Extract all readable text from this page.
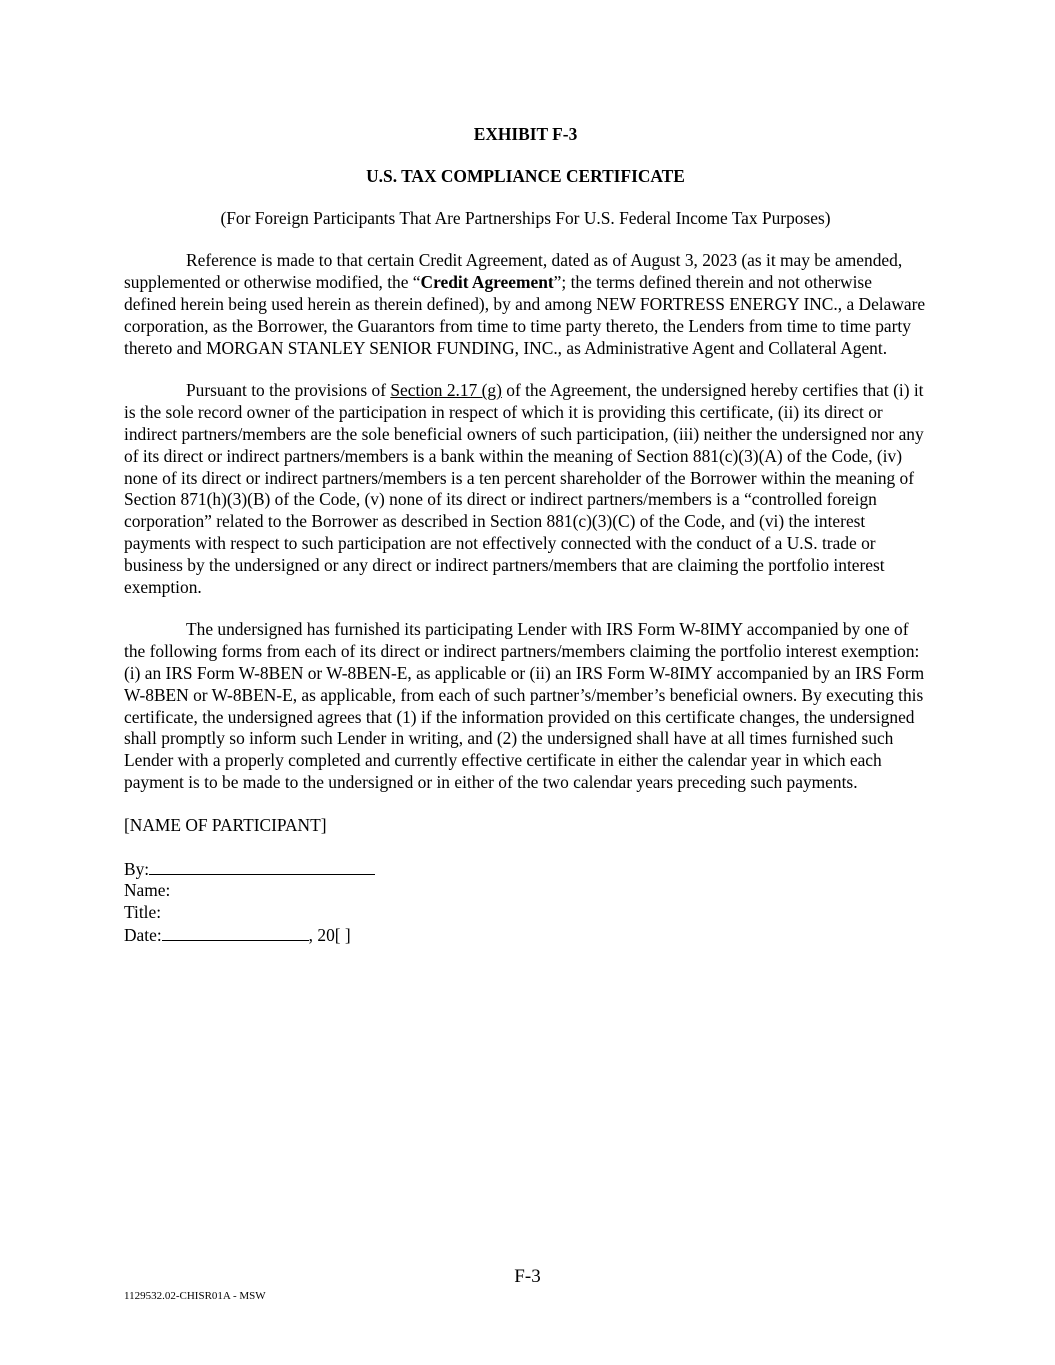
EXHIBIT F-3
U.S. TAX COMPLIANCE CERTIFICATE
(For Foreign Participants That Are Partnerships For U.S. Federal Income Tax Purposes)

Reference is made to that certain Credit Agreement, dated as of August 3, 2023 (as it may be amended, supplemented or otherwise modified, the “Credit Agreement”; the terms defined therein and not otherwise defined herein being used herein as therein defined), by and among NEW FORTRESS ENERGY INC., a Delaware corporation, as the Borrower, the Guarantors from time to time party thereto, the Lenders from time to time party thereto and MORGAN STANLEY SENIOR FUNDING, INC., as Administrative Agent and Collateral Agent.

Pursuant to the provisions of Section 2.17 (g) of the Agreement, the undersigned hereby certifies that (i) it is the sole record owner of the participation in respect of which it is providing this certificate, (ii) its direct or indirect partners/members are the sole beneficial owners of such participation, (iii) neither the undersigned nor any of its direct or indirect partners/members is a bank within the meaning of Section 881(c)(3)(A) of the Code, (iv) none of its direct or indirect partners/members is a ten percent shareholder of the Borrower within the meaning of Section 871(h)(3)(B) of the Code, (v) none of its direct or indirect partners/members is a “controlled foreign corporation” related to the Borrower as described in Section 881(c)(3)(C) of the Code, and (vi) the interest payments with respect to such participation are not effectively connected with the conduct of a U.S. trade or business by the undersigned or any direct or indirect partners/members that are claiming the portfolio interest exemption.

The undersigned has furnished its participating Lender with IRS Form W-8IMY accompanied by one of the following forms from each of its direct or indirect partners/members claiming the portfolio interest exemption: (i) an IRS Form W-8BEN or W-8BEN-E, as applicable or (ii) an IRS Form W-8IMY accompanied by an IRS Form W-8BEN or W-8BEN-E, as applicable, from each of such partner’s/member’s beneficial owners. By executing this certificate, the undersigned agrees that (1) if the information provided on this certificate changes, the undersigned shall promptly so inform such Lender in writing, and (2) the undersigned shall have at all times furnished such Lender with a properly completed and currently effective certificate in either the calendar year in which each payment is to be made to the undersigned or in either of the two calendar years preceding such payments.

[NAME OF PARTICIPANT]
By:
Name:
Title:
Date:	, 20[ ]
F-3
1129532.02-CHISR01A - MSW
